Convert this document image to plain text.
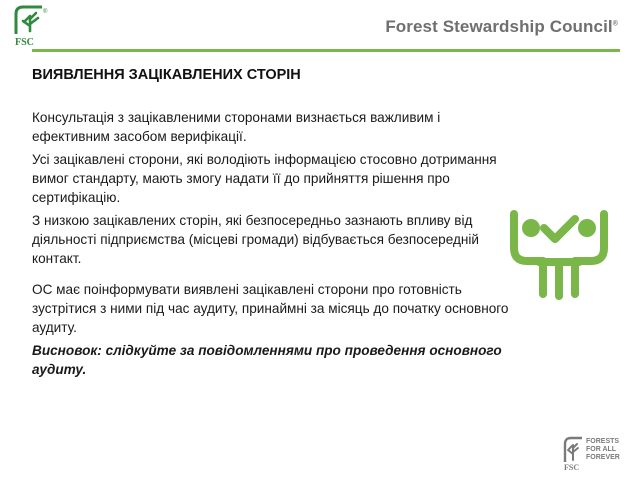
FSC
®
Forest Stewardship Council®
ВИЯВЛЕННЯ ЗАЦІКАВЛЕНИХ СТОРІН

Консультація з зацікавленими сторонами визнається важливим і ефективним засобом верифікації.

Усі зацікавлені сторони, які володіють інформацією стосовно дотримання вимог стандарту, мають змогу надати її до прийняття рішення про сертифікацію.

З низкою зацікавлених сторін, які безпосередньо зазнають впливу від діяльності підприємства (місцеві громади) відбувається безпосередній контакт.

ОС має поінформувати виявлені зацікавлені сторони про готовність зустрітися з ними під час аудиту, принаймні за місяць до початку основного аудиту.

Висновок: слідкуйте за повідомленнями про проведення основного аудиту.
FSC
FORESTS
FOR ALL
FOREVER
